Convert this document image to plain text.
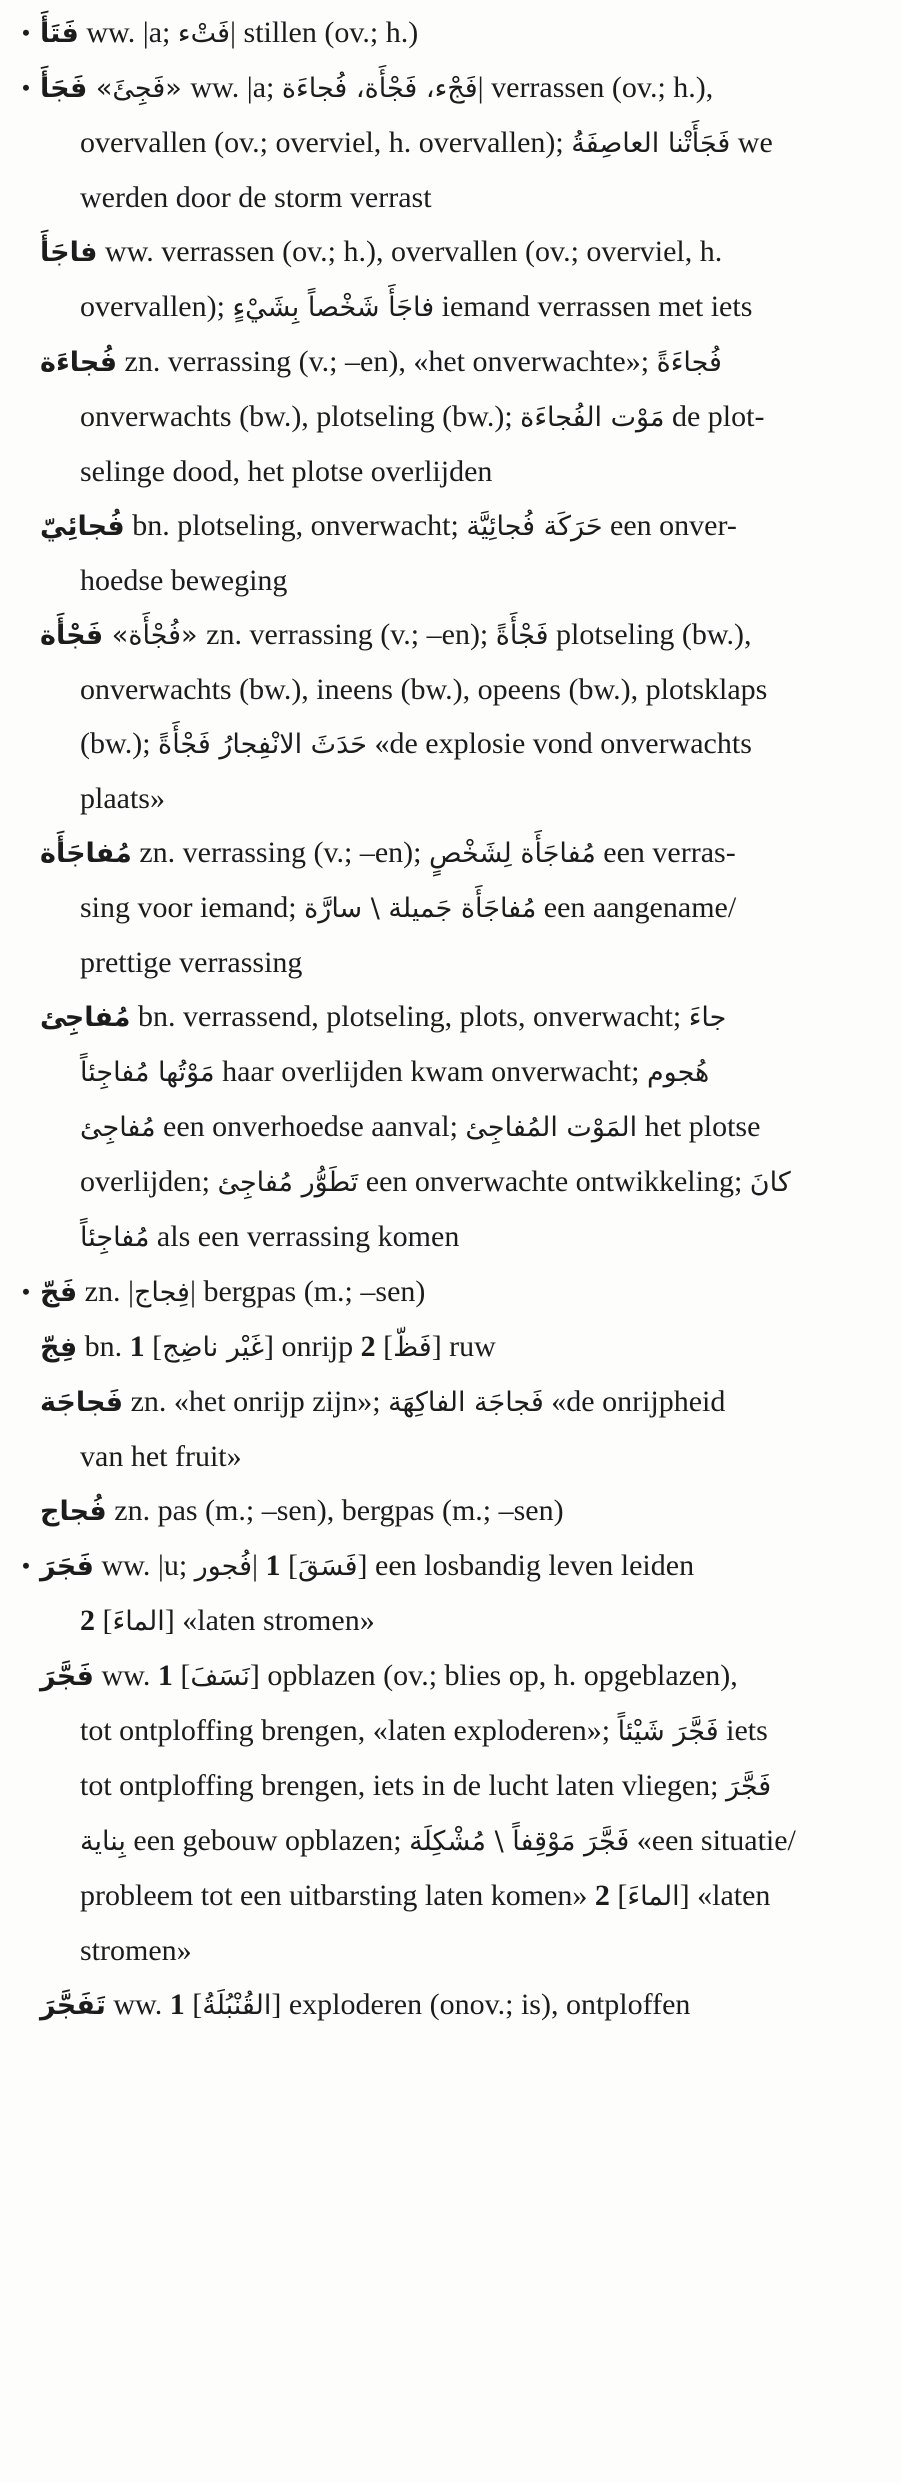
• فَتَأَ ww. |a; فَتْء| stillen (ov.; h.)
• فَجَأَ «فَجِئَ» ww. |a; فَجْء، فَجْأَة، فُجاءَة| verrassen (ov.; h.),
overvallen (ov.; overviel, h. overvallen); فَجَأَتْنا العاصِفَةُ we
werden door de storm verrast
فاجَأَ ww. verrassen (ov.; h.), overvallen (ov.; overviel, h.
overvallen); فاجَأَ شَخْصاً بِشَيْءٍ iemand verrassen met iets
فُجاءَة zn. verrassing (v.; –en), «het onverwachte»; فُجاءَةً
onverwachts (bw.), plotseling (bw.); مَوْت الفُجاءَة de plot-
selinge dood, het plotse overlijden
فُجائِيّ bn. plotseling, onverwacht; حَرَكَة فُجائِيَّة een onver-
hoedse beweging
فَجْأَة «فُجْأَة» zn. verrassing (v.; –en); فَجْأَةً plotseling (bw.),
onverwachts (bw.), ineens (bw.), opeens (bw.), plotsklaps
(bw.); حَدَثَ الانْفِجارُ فَجْأَةً «de explosie vond onverwachts
plaats»
مُفاجَأَة zn. verrassing (v.; –en); مُفاجَأَة لِشَخْصٍ een verras-
sing voor iemand; مُفاجَأَة جَميلة \ سارَّة een aangename/
prettige verrassing
مُفاجِئ bn. verrassend, plotseling, plots, onverwacht; جاءَ
مَوْتُها مُفاجِئاً haar overlijden kwam onverwacht; هُجوم
مُفاجِئ een onverhoedse aanval; المَوْت المُفاجِئ het plotse
overlijden; تَطَوُّر مُفاجِئ een onverwachte ontwikkeling; كانَ
مُفاجِئاً als een verrassing komen
• فَجّ zn. |فِجاج| bergpas (m.; –sen)
فِجّ bn. 1 [غَيْر ناضِج] onrijp 2 [فَظّ] ruw
فَجاجَة zn. «het onrijp zijn»; فَجاجَة الفاكِهَة «de onrijpheid
van het fruit»
فُجاج zn. pas (m.; –sen), bergpas (m.; –sen)
• فَجَرَ ww. |u; فُجور| 1 [فَسَقَ] een losbandig leven leiden
2 [الماءَ] «laten stromen»
فَجَّرَ ww. 1 [نَسَفَ] opblazen (ov.; blies op, h. opgeblazen),
tot ontploffing brengen, «laten exploderen»; فَجَّرَ شَيْئاً iets
tot ontploffing brengen, iets in de lucht laten vliegen; فَجَّرَ
بِناية een gebouw opblazen; فَجَّرَ مَوْقِفاً \ مُشْكِلَة «een situatie/
probleem tot een uitbarsting laten komen» 2 [الماءَ] «laten
stromen»
تَفَجَّرَ ww. 1 [القُنْبُلَةُ] exploderen (onov.; is), ontploffen
